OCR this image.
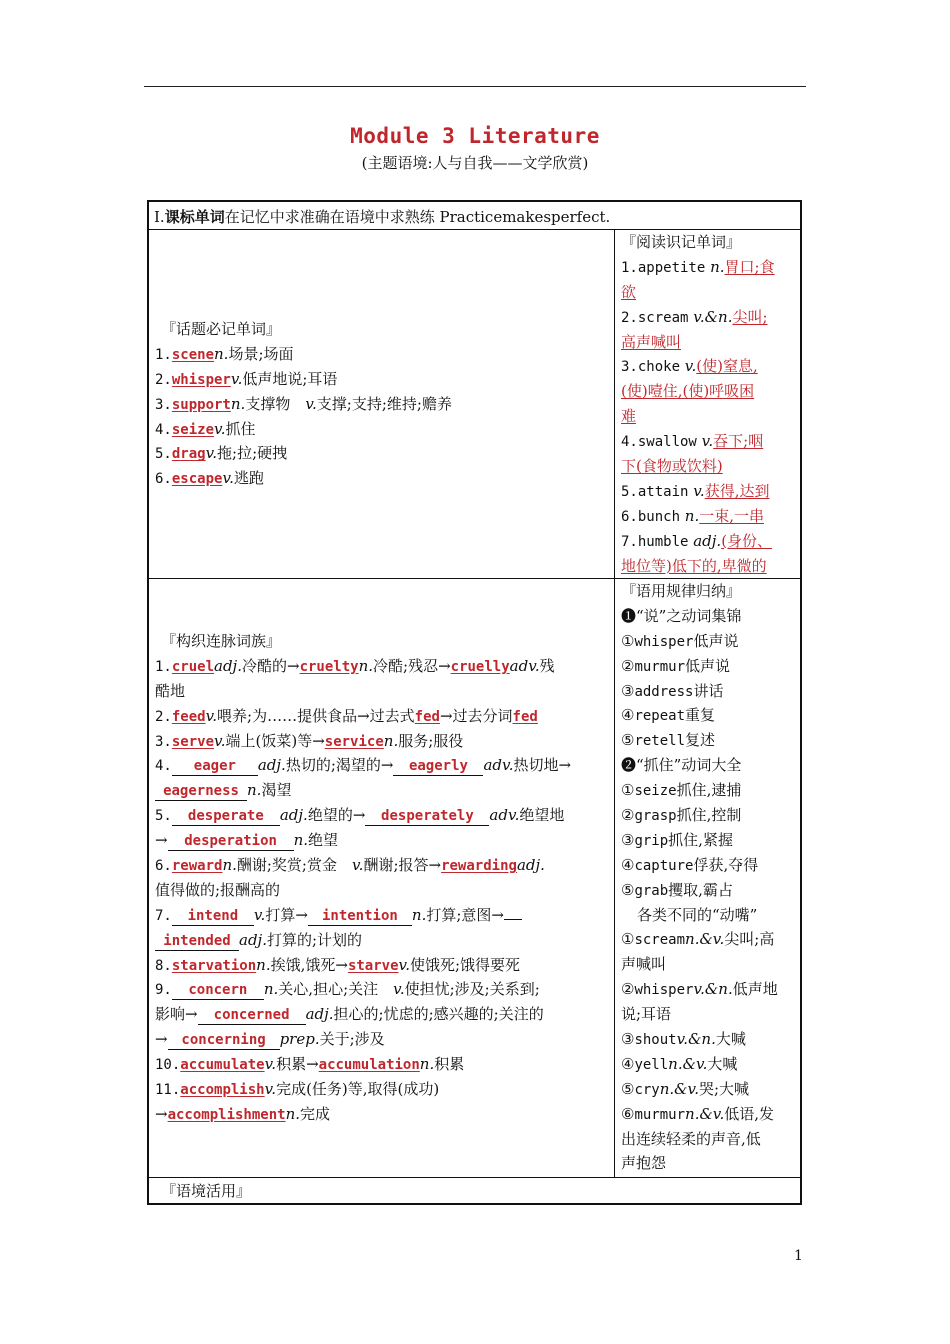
Module 3 Literature
(主题语境:人与自我——文学欣赏)
Ⅰ.课标单词在记忆中求准确在语境中求熟练 Practicemakesperfect.
『话题必记单词』
1.scenen.场景;场面
2.whisperv.低声地说;耳语
3.supportn.支撑物　v.支撑;支持;维持;赡养
4.seizev.抓住
5.dragv.拖;拉;硬拽
6.escapev.逃跑
『阅读识记单词』
1.appetite n.胃口;食
欲
2.scream v.&n.尖叫;
高声喊叫
3.choke v.(使)窒息,
(使)噎住,(使)呼吸困
难
4.swallow v.吞下;咽
下(食物或饮料)
5.attain v.获得,达到
6.bunch n.一束,一串
7.humble adj.(身份、
地位等)低下的,卑微的
『构织连脉词族』
1.crueladj.冷酷的→crueltyn.冷酷;残忍→cruellyadv.残
酷地
2.feedv.喂养;为……提供食品→过去式fed→过去分词fed
3.servev.端上(饭菜)等→servicen.服务;服役
4. eager adj.热切的;渴望的→ eagerly adv.热切地→
eagerness n.渴望
5. desperate adj.绝望的→ desperately adv.绝望地
→ desperation n.绝望
6.rewardn.酬谢;奖赏;赏金　v.酬谢;报答→rewardingadj.
值得做的;报酬高的
7. intend v.打算→ intention n.打算;意图→
intended adj.打算的;计划的
8.starvationn.挨饿,饿死→starvev.使饿死;饿得要死
9. concern n.关心,担心;关注　v.使担忧;涉及;关系到;
影响→ concerned adj.担心的;忧虑的;感兴趣的;关注的
→ concerning prep.关于;涉及
10.accumulatev.积累→accumulationn.积累
11.accomplishv.完成(任务)等,取得(成功)
→accomplishmentn.完成
『语用规律归纳』
❶“说”之动词集锦
①whisper低声说
②murmur低声说
③address讲话
④repeat重复
⑤retell复述
❷“抓住”动词大全
①seize抓住,逮捕
②grasp抓住,控制
③grip抓住,紧握
④capture俘获,夺得
⑤grab攫取,霸占
各类不同的“动嘴”
①screamn.&v.尖叫;高
声喊叫
②whisperv.&n.低声地
说;耳语
③shoutv.&n.大喊
④yelln.&v.大喊
⑤cryn.&v.哭;大喊
⑥murmurn.&v.低语,发
出连续轻柔的声音,低
声抱怨
『语境活用』
1
